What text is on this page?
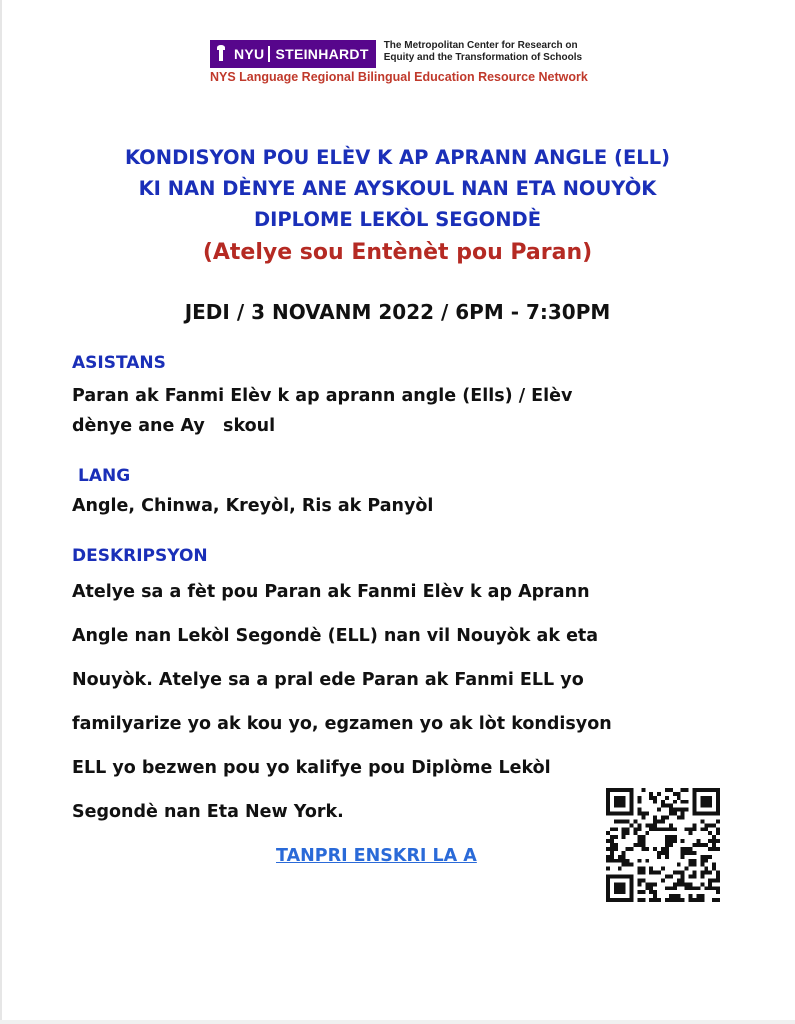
NYU STEINHARDT
The Metropolitan Center for Research on
Equity and the Transformation of Schools
NYS Language Regional Bilingual Education Resource Network
KONDISYON POU ELÈV K AP APRANN ANGLE (ELL)
KI NAN DÈNYE ANE AYSKOUL NAN ETA NOUYÒK
DIPLOME LEKÒL SEGONDÈ
(Atelye sou Entènèt pou Paran)
JEDI / 3 NOVANM 2022 / 6PM - 7:30PM
ASISTANS
Paran ak Fanmi Elèv k ap aprann angle (Ells) / Elèv
dènye ane Ay   skoul
LANG
Angle, Chinwa, Kreyòl, Ris ak Panyòl
DESKRIPSYON
Atelye sa a fèt pou Paran ak Fanmi Elèv k ap Aprann
Angle nan Lekòl Segondè (ELL) nan vil Nouyòk ak eta
Nouyòk. Atelye sa a pral ede Paran ak Fanmi ELL yo
familyarize yo ak kou yo, egzamen yo ak lòt kondisyon
ELL yo bezwen pou yo kalifye pou Diplòme Lekòl
Segondè nan Eta New York.
TANPRI ENSKRI LA A
